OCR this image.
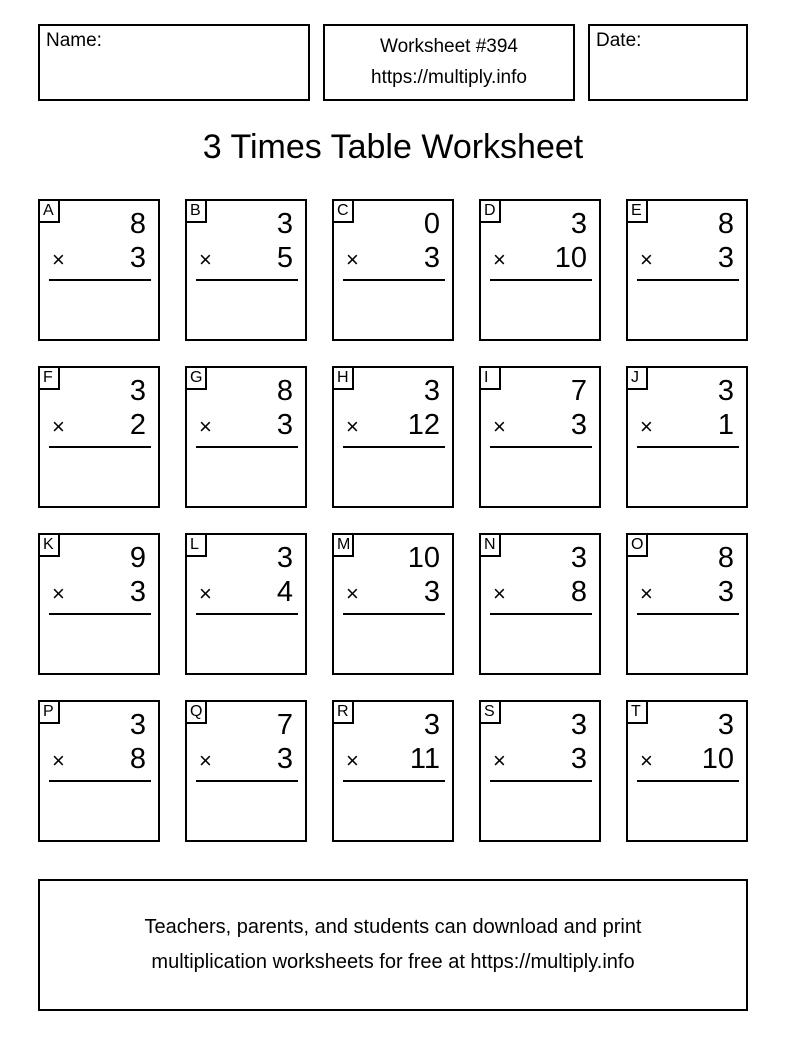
Name:	Worksheet #394
https://multiply.info
Date:
3 Times Table Worksheet
A	8
× 3
B	3
× 5
C	0
× 3
D	3
× 10
E	8
× 3
F	3
× 2
G	8
× 3
H	3
× 12
I	7
× 3
J	3
× 1
K	9
× 3
L	3
× 4
M 10
× 3
N	3
× 8
O	8
× 3
P	3
× 8
Q	7
× 3
R	3
× 11
S	3
× 3
T	3
× 10
Teachers, parents, and students can download and print
multiplication worksheets for free at https://multiply.info
